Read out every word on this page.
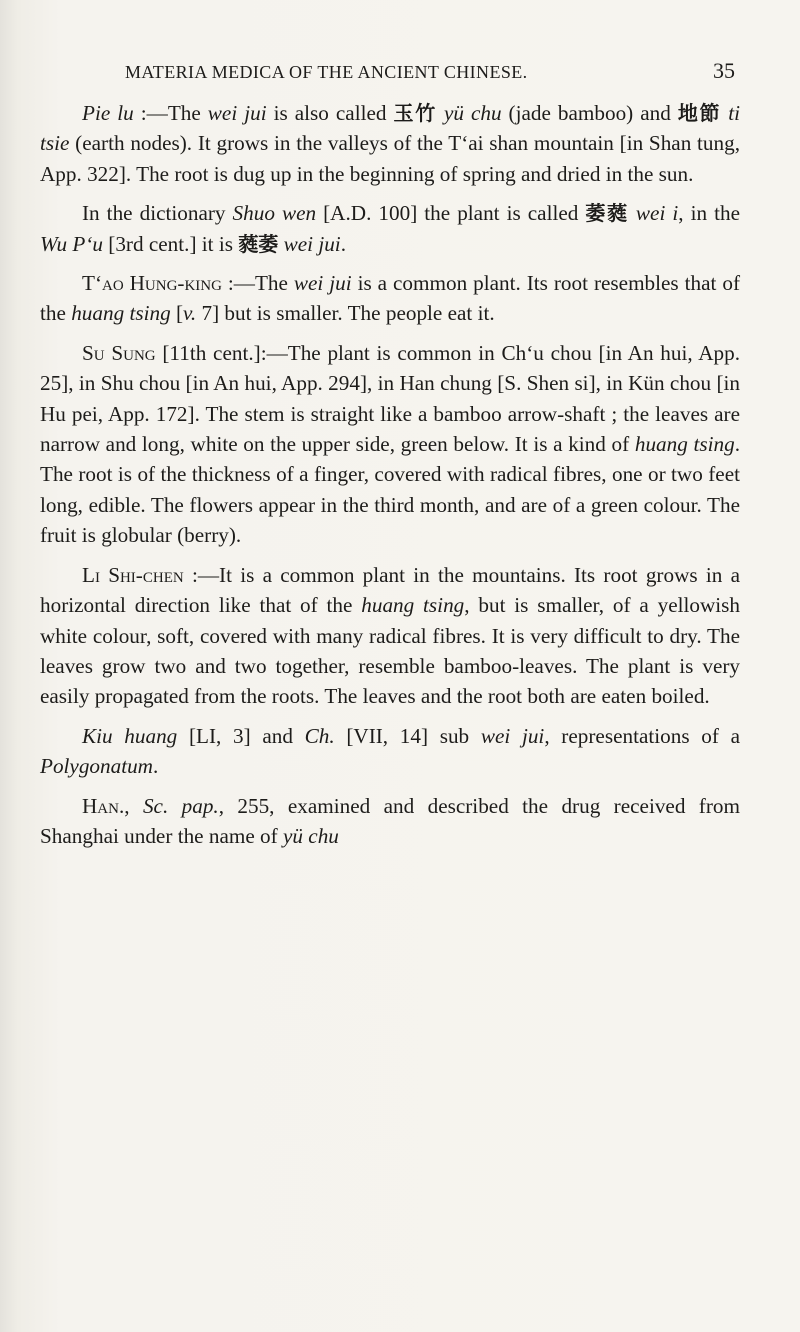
MATERIA MEDICA OF THE ANCIENT CHINESE.	35

Pie lu :—The wei jui is also called 玉竹 yü chu (jade bamboo) and 地節 ti tsie (earth nodes). It grows in the valleys of the T‘ai shan mountain [in Shan tung, App. 322]. The root is dug up in the beginning of spring and dried in the sun.

In the dictionary Shuo wen [A.D. 100] the plant is called 萎蕤 wei i, in the Wu P‘u [3rd cent.] it is 蕤萎 wei jui.

T‘ao Hung-king :—The wei jui is a common plant. Its root resembles that of the huang tsing [v. 7] but is smaller. The people eat it.

Su Sung [11th cent.]:—The plant is common in Ch‘u chou [in An hui, App. 25], in Shu chou [in An hui, App. 294], in Han chung [S. Shen si], in Kün chou [in Hu pei, App. 172]. The stem is straight like a bamboo arrow-shaft ; the leaves are narrow and long, white on the upper side, green below. It is a kind of huang tsing. The root is of the thickness of a finger, covered with radical fibres, one or two feet long, edible. The flowers appear in the third month, and are of a green colour. The fruit is globular (berry).

Li Shi-chen :—It is a common plant in the mountains. Its root grows in a horizontal direction like that of the huang tsing, but is smaller, of a yellowish white colour, soft, covered with many radical fibres. It is very difficult to dry. The leaves grow two and two together, resemble bamboo-leaves. The plant is very easily propagated from the roots. The leaves and the root both are eaten boiled.

Kiu huang [LI, 3] and Ch. [VII, 14] sub wei jui, representations of a Polygonatum.

Han., Sc. pap., 255, examined and described the drug received from Shanghai under the name of yü chu
